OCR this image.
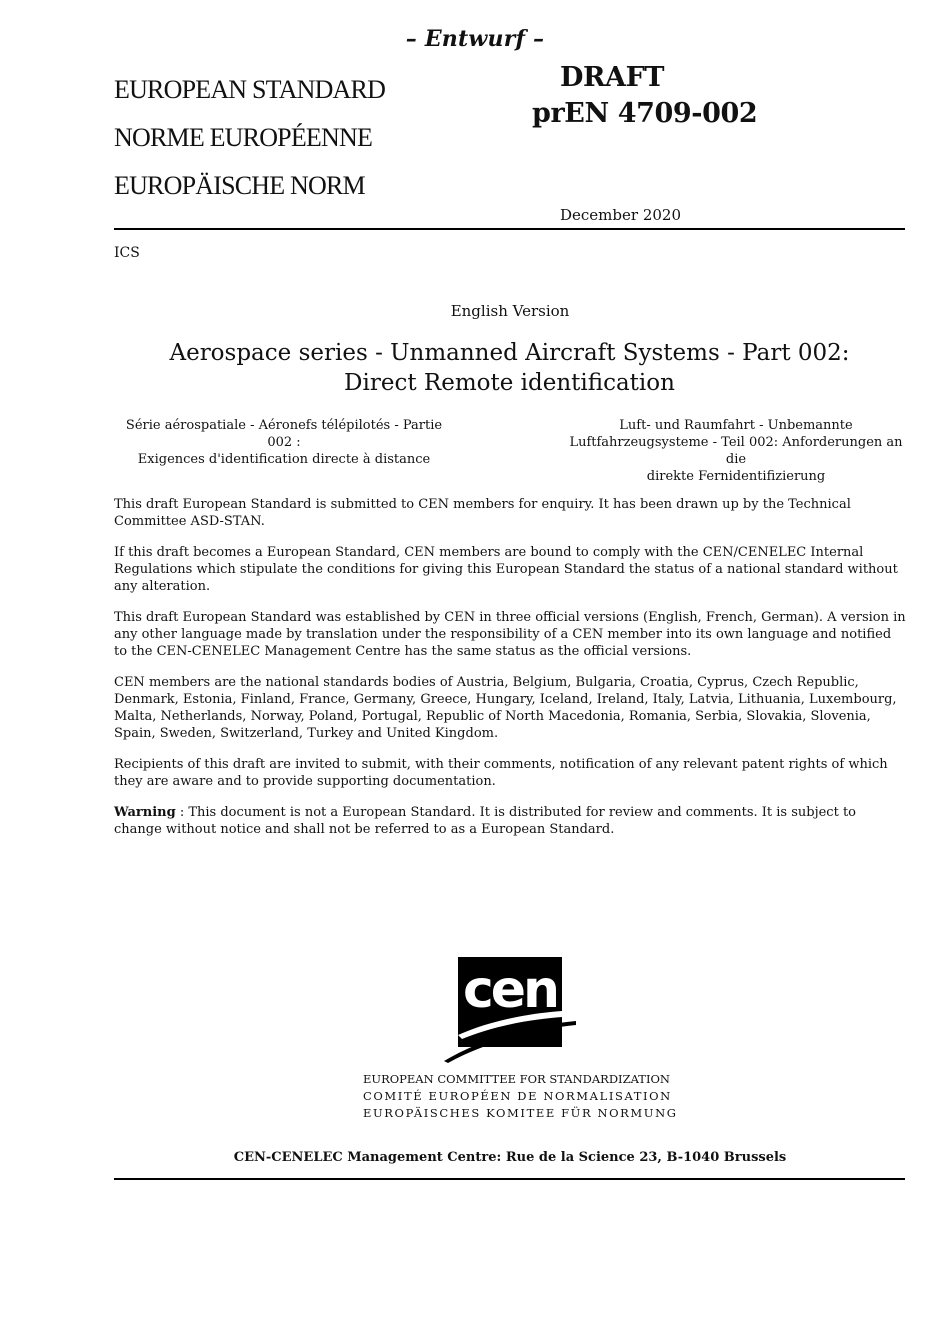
– Entwurf –
EUROPEAN STANDARD
NORME EUROPÉENNE
EUROPÄISCHE NORM
DRAFT
prEN 4709-002
December 2020
ICS
English Version
Aerospace series - Unmanned Aircraft Systems - Part 002:
Direct Remote identification
Série aérospatiale - Aéronefs télépilotés - Partie 002 :
Exigences d'identification directe à distance
Luft- und Raumfahrt - Unbemannte
Luftfahrzeugsysteme - Teil 002: Anforderungen an die
direkte Fernidentifizierung

This draft European Standard is submitted to CEN members for enquiry. It has been drawn up by the Technical Committee ASD-STAN.

If this draft becomes a European Standard, CEN members are bound to comply with the CEN/CENELEC Internal Regulations which stipulate the conditions for giving this European Standard the status of a national standard without any alteration.

This draft European Standard was established by CEN in three official versions (English, French, German). A version in any other language made by translation under the responsibility of a CEN member into its own language and notified to the CEN-CENELEC Management Centre has the same status as the official versions.

CEN members are the national standards bodies of Austria, Belgium, Bulgaria, Croatia, Cyprus, Czech Republic, Denmark, Estonia, Finland, France, Germany, Greece, Hungary, Iceland, Ireland, Italy, Latvia, Lithuania, Luxembourg, Malta, Netherlands, Norway, Poland, Portugal, Republic of North Macedonia, Romania, Serbia, Slovakia, Slovenia, Spain, Sweden, Switzerland, Turkey and United Kingdom.

Recipients of this draft are invited to submit, with their comments, notification of any relevant patent rights of which they are aware and to provide supporting documentation.

Warning : This document is not a European Standard. It is distributed for review and comments. It is subject to change without notice and shall not be referred to as a European Standard.

cen
EUROPEAN COMMITTEE FOR STANDARDIZATION
COMITÉ EUROPÉEN DE NORMALISATION
EUROPÄISCHES KOMITEE FÜR NORMUNG
CEN-CENELEC Management Centre: Rue de la Science 23, B-1040 Brussels
